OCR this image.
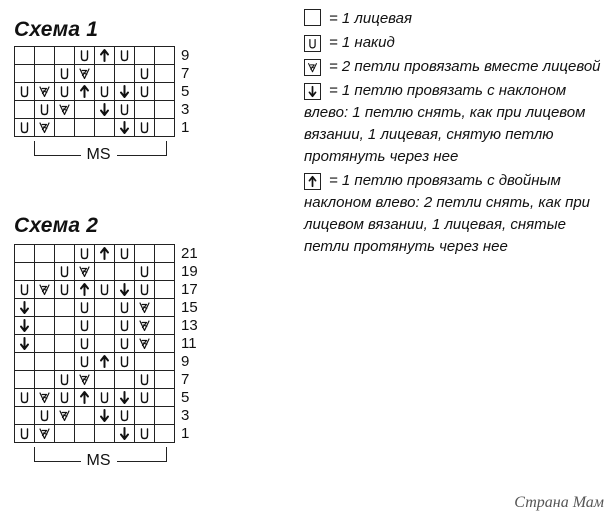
Схема 1
9
7
5
3
1
MS
Схема 2
21
19
17
15
13
11
9
7
5
3
1
MS
= 1 лицевая
= 1 накид
= 2 петли провязать вместе лицевой
= 1 петлю провязать с наклоном влево: 1 петлю снять, как при лицевом вязании, 1 лицевая, снятую петлю протянуть через нее
= 1 петлю провязать с двойным наклоном влево: 2 петли снять, как при лицевом вязании, 1 лицевая, снятые петли протянуть через нее
Страна Мам
